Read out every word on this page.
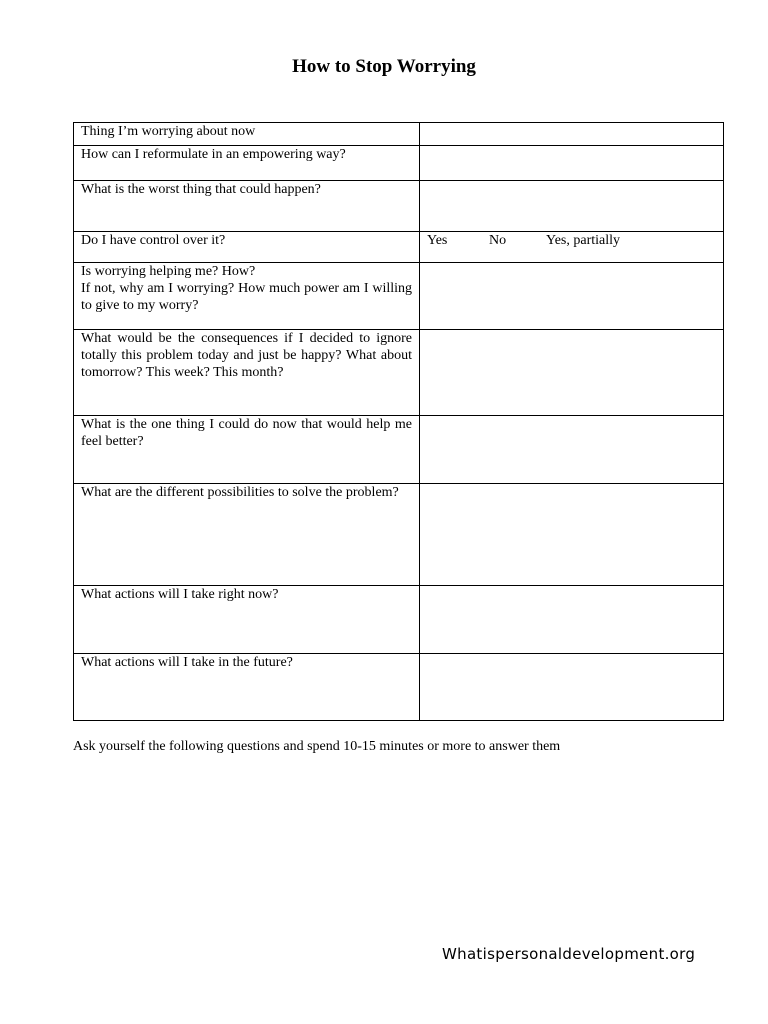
How to Stop Worrying
Thing I’m worrying about now	
How can I reformulate in an empowering way?	
What is the worst thing that could happen?	
Do I have control over it?	Yes No Yes, partially

Is worrying helping me? How?
If not, why am I worrying? How much power am I willing to give to my worry?	

What would be the consequences if I decided to ignore totally this problem today and just be happy? What about tomorrow? This week? This month?	
What is the one thing I could do now that would help me feel better?	
What are the different possibilities to solve the problem?	
What actions will I take right now?	
What actions will I take in the future?	
Ask yourself the following questions and spend 10-15 minutes or more to answer them
Whatispersonaldevelopment.org
